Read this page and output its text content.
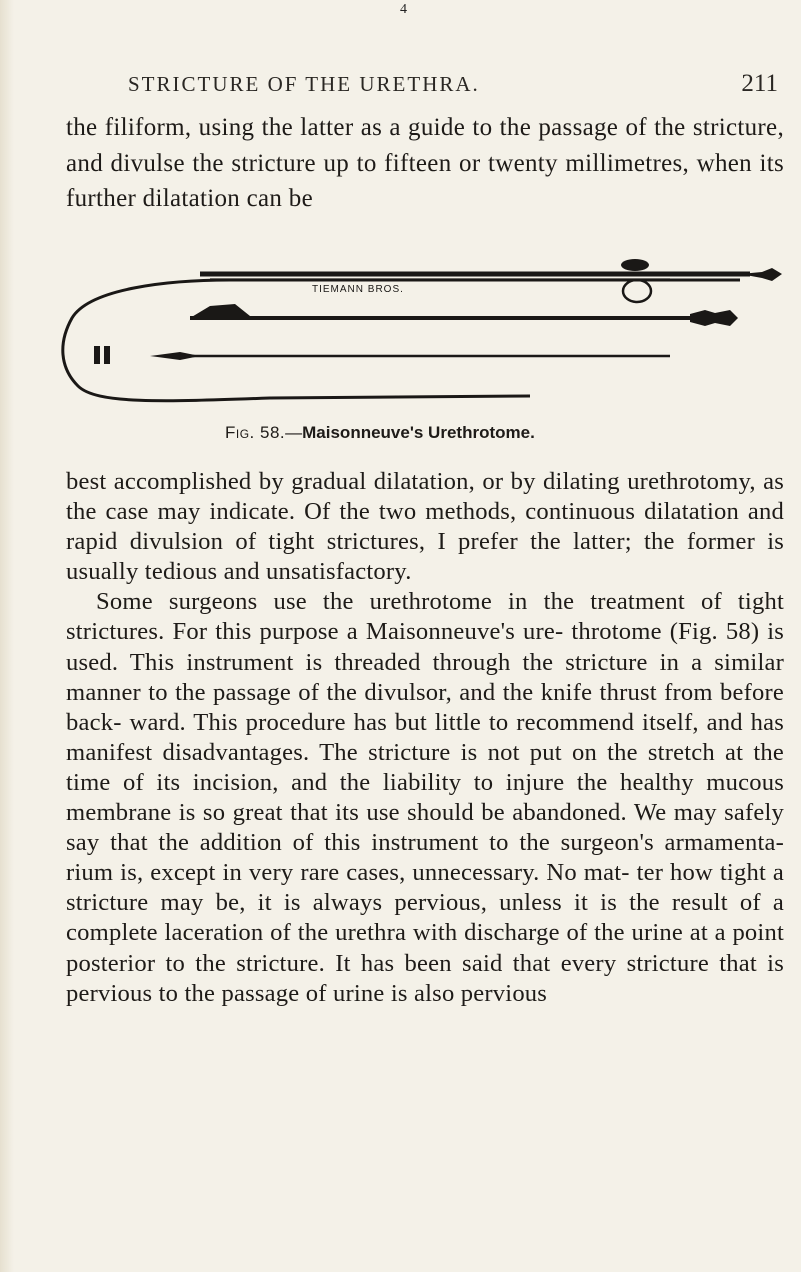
4
STRICTURE OF THE URETHRA.	211
the filiform, using the latter as a guide to the passage of the stricture, and divulse the stricture up to fifteen or twenty millimetres, when its further dilatation can be
TIEMANN BROS.
Fig. 58.—Maisonneuve's Urethrotome.

best accomplished by gradual dilatation, or by dilating urethrotomy, as the case may indicate. Of the two methods, continuous dilatation and rapid divulsion of tight strictures, I prefer the latter; the former is usually tedious and unsatisfactory.

Some surgeons use the urethrotome in the treatment of tight strictures. For this purpose a Maisonneuve's ure- throtome (Fig. 58) is used. This instrument is threaded through the stricture in a similar manner to the passage of the divulsor, and the knife thrust from before back- ward. This procedure has but little to recommend itself, and has manifest disadvantages. The stricture is not put on the stretch at the time of its incision, and the liability to injure the healthy mucous membrane is so great that its use should be abandoned. We may safely say that the addition of this instrument to the surgeon's armamenta- rium is, except in very rare cases, unnecessary. No mat- ter how tight a stricture may be, it is always pervious, unless it is the result of a complete laceration of the urethra with discharge of the urine at a point posterior to the stricture. It has been said that every stricture that is pervious to the passage of urine is also pervious
